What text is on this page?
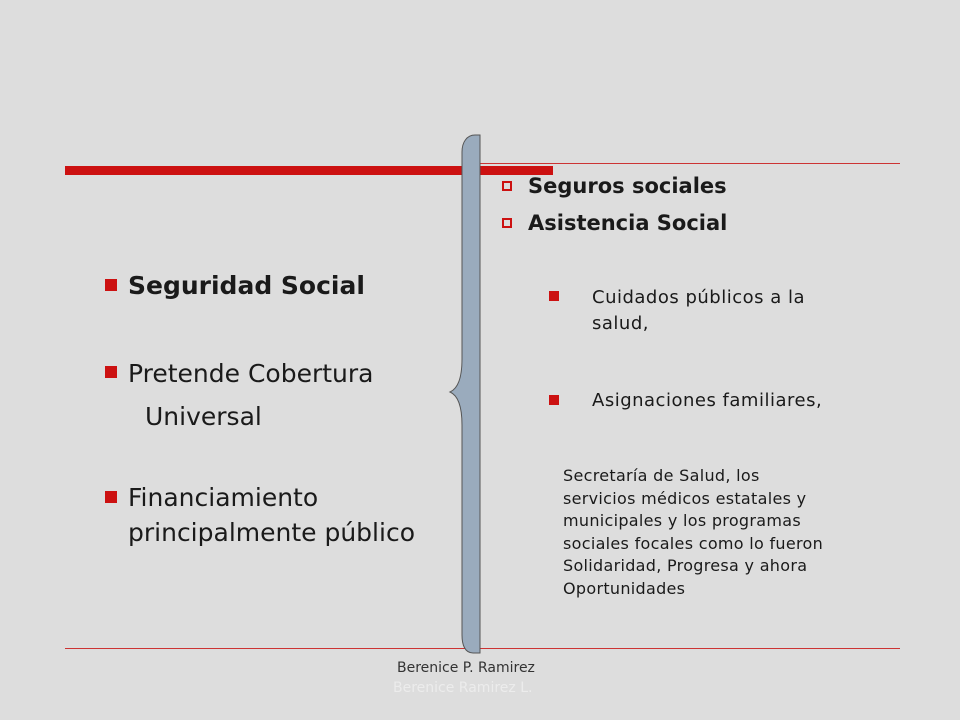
Seguridad Social
Pretende Cobertura
Universal
Financiamiento
principalmente público
Seguros sociales
Asistencia Social
Cuidados públicos a la
salud,
Asignaciones familiares,
Secretaría de Salud, los
servicios médicos estatales y
municipales y los programas
sociales focales como lo fueron
Solidaridad, Progresa y ahora
Oportunidades
Berenice P. Ramirez
Berenice Ramirez L.
